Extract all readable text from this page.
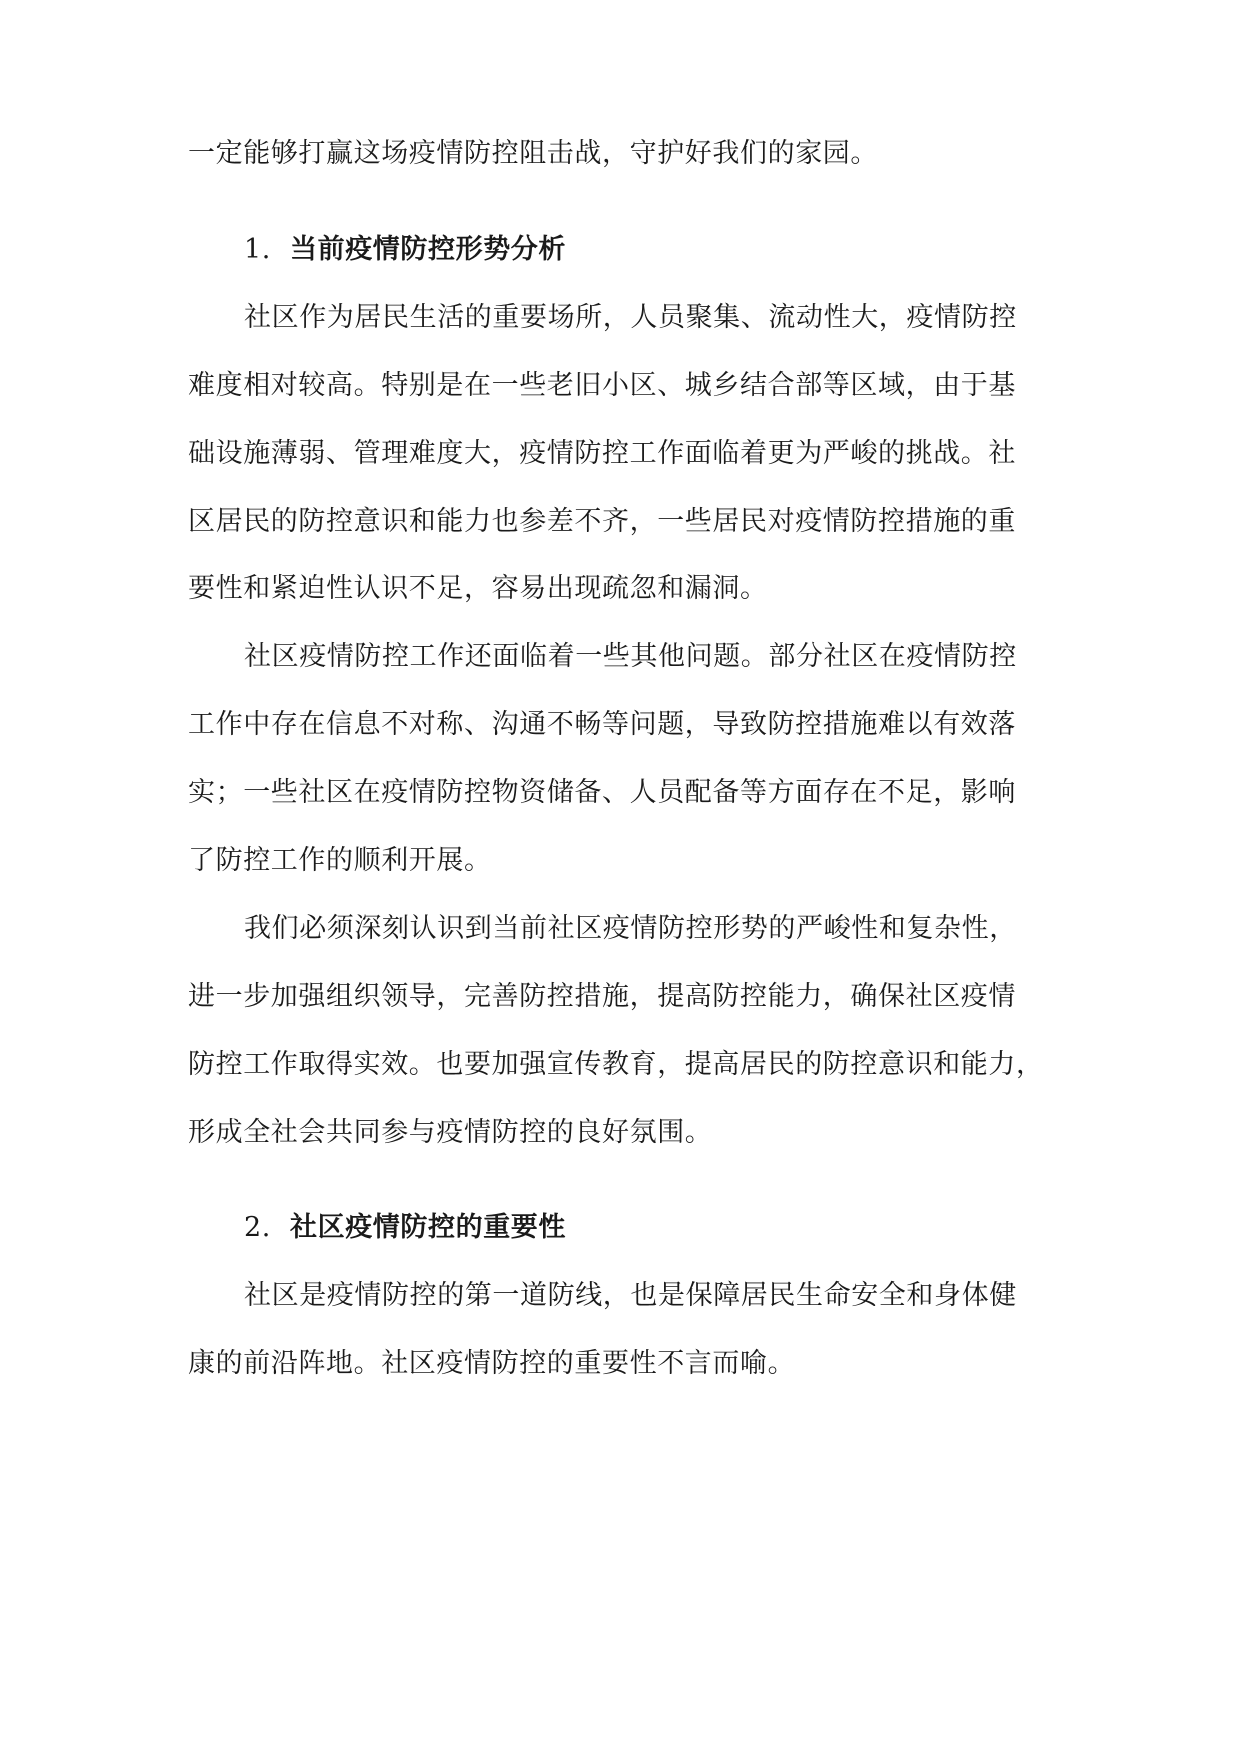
一定能够打赢这场疫情防控阻击战，守护好我们的家园。
1. 当前疫情防控形势分析
社区作为居民生活的重要场所，人员聚集、流动性大，疫情防控
难度相对较高。特别是在一些老旧小区、城乡结合部等区域，由于基
础设施薄弱、管理难度大，疫情防控工作面临着更为严峻的挑战。社
区居民的防控意识和能力也参差不齐，一些居民对疫情防控措施的重
要性和紧迫性认识不足，容易出现疏忽和漏洞。
社区疫情防控工作还面临着一些其他问题。部分社区在疫情防控
工作中存在信息不对称、沟通不畅等问题，导致防控措施难以有效落
实；一些社区在疫情防控物资储备、人员配备等方面存在不足，影响
了防控工作的顺利开展。
我们必须深刻认识到当前社区疫情防控形势的严峻性和复杂性，
进一步加强组织领导，完善防控措施，提高防控能力，确保社区疫情
防控工作取得实效。也要加强宣传教育，提高居民的防控意识和能力，
形成全社会共同参与疫情防控的良好氛围。
2. 社区疫情防控的重要性
社区是疫情防控的第一道防线，也是保障居民生命安全和身体健
康的前沿阵地。社区疫情防控的重要性不言而喻。
